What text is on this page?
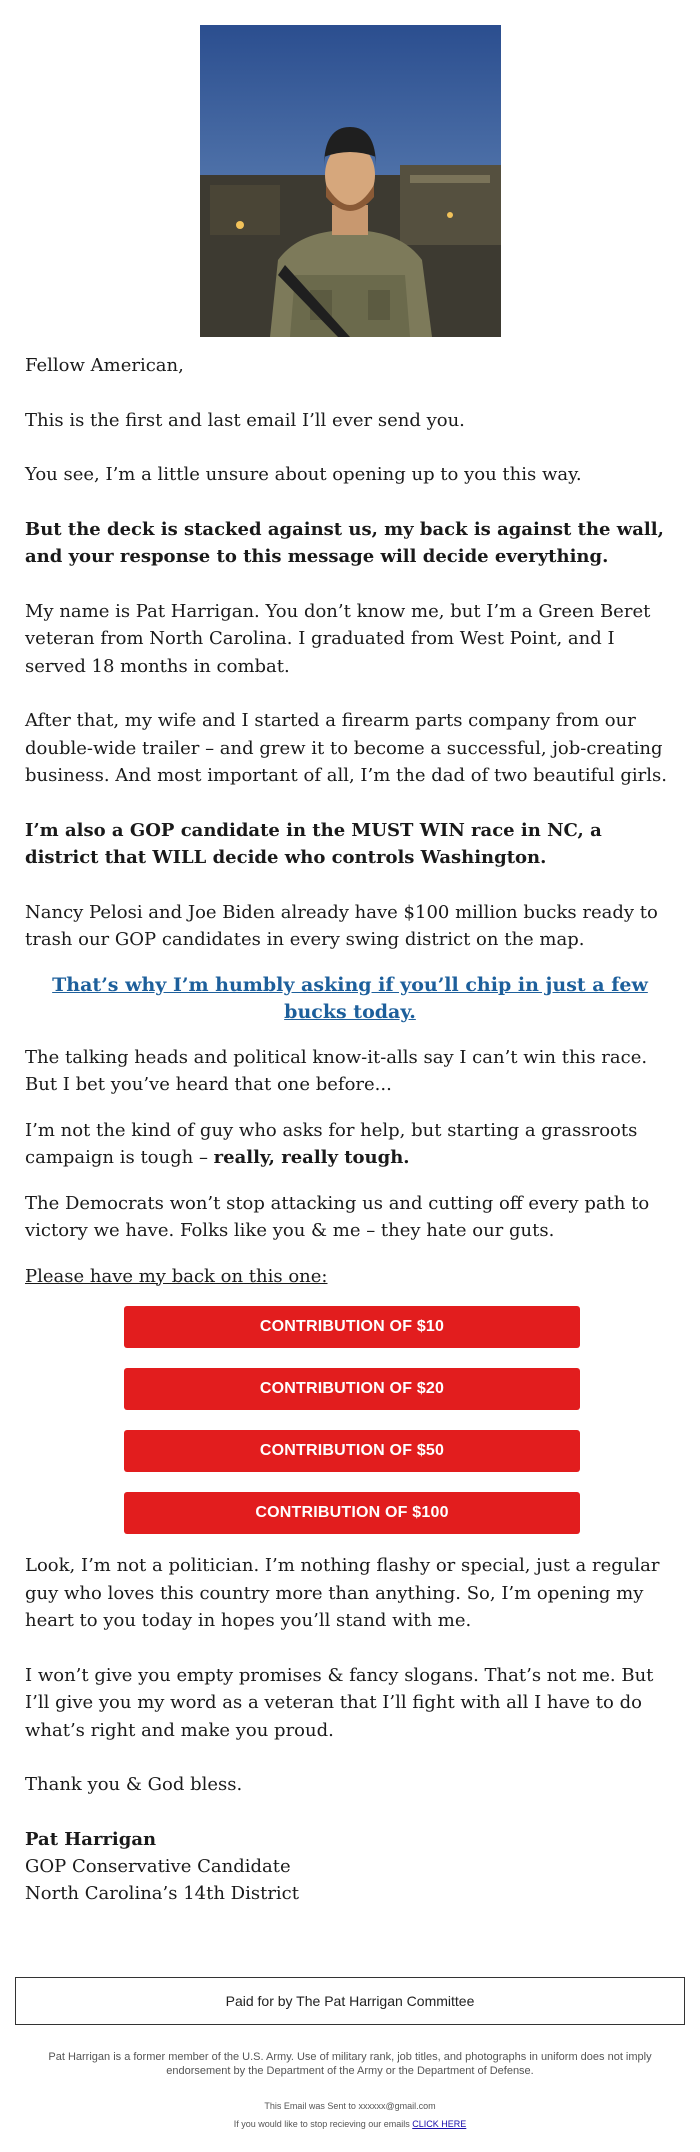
Fellow American,

This is the first and last email I’ll ever send you.

You see, I’m a little unsure about opening up to you this way.

But the deck is stacked against us, my back is against the wall, and your response to this message will decide everything.

My name is Pat Harrigan. You don’t know me, but I’m a Green Beret veteran from North Carolina. I graduated from West Point, and I served 18 months in combat.

After that, my wife and I started a firearm parts company from our double-wide trailer – and grew it to become a successful, job-creating business. And most important of all, I’m the dad of two beautiful girls.

I’m also a GOP candidate in the MUST WIN race in NC, a district that WILL decide who controls Washington.

Nancy Pelosi and Joe Biden already have $100 million bucks ready to trash our GOP candidates in every swing district on the map.

That’s why I’m humbly asking if you’ll chip in just a few bucks today.

The talking heads and political know-it-alls say I can’t win this race. But I bet you’ve heard that one before...

I’m not the kind of guy who asks for help, but starting a grassroots campaign is tough – really, really tough.

The Democrats won’t stop attacking us and cutting off every path to victory we have. Folks like you & me – they hate our guts.

Please have my back on this one:

CONTRIBUTION OF $10
CONTRIBUTION OF $20
CONTRIBUTION OF $50
CONTRIBUTION OF $100

Look, I’m not a politician. I’m nothing flashy or special, just a regular guy who loves this country more than anything. So, I’m opening my heart to you today in hopes you’ll stand with me.

I won’t give you empty promises & fancy slogans. That’s not me. But I’ll give you my word as a veteran that I’ll fight with all I have to do what’s right and make you proud.

Thank you & God bless.

Pat Harrigan

GOP Conservative Candidate

North Carolina’s 14th District

Paid for by The Pat Harrigan Committee
Pat Harrigan is a former member of the U.S. Army. Use of military rank, job titles, and photographs in uniform does not imply endorsement by the Department of the Army or the Department of Defense.
This Email was Sent to xxxxxx@gmail.com
If you would like to stop recieving our emails CLICK HERE
